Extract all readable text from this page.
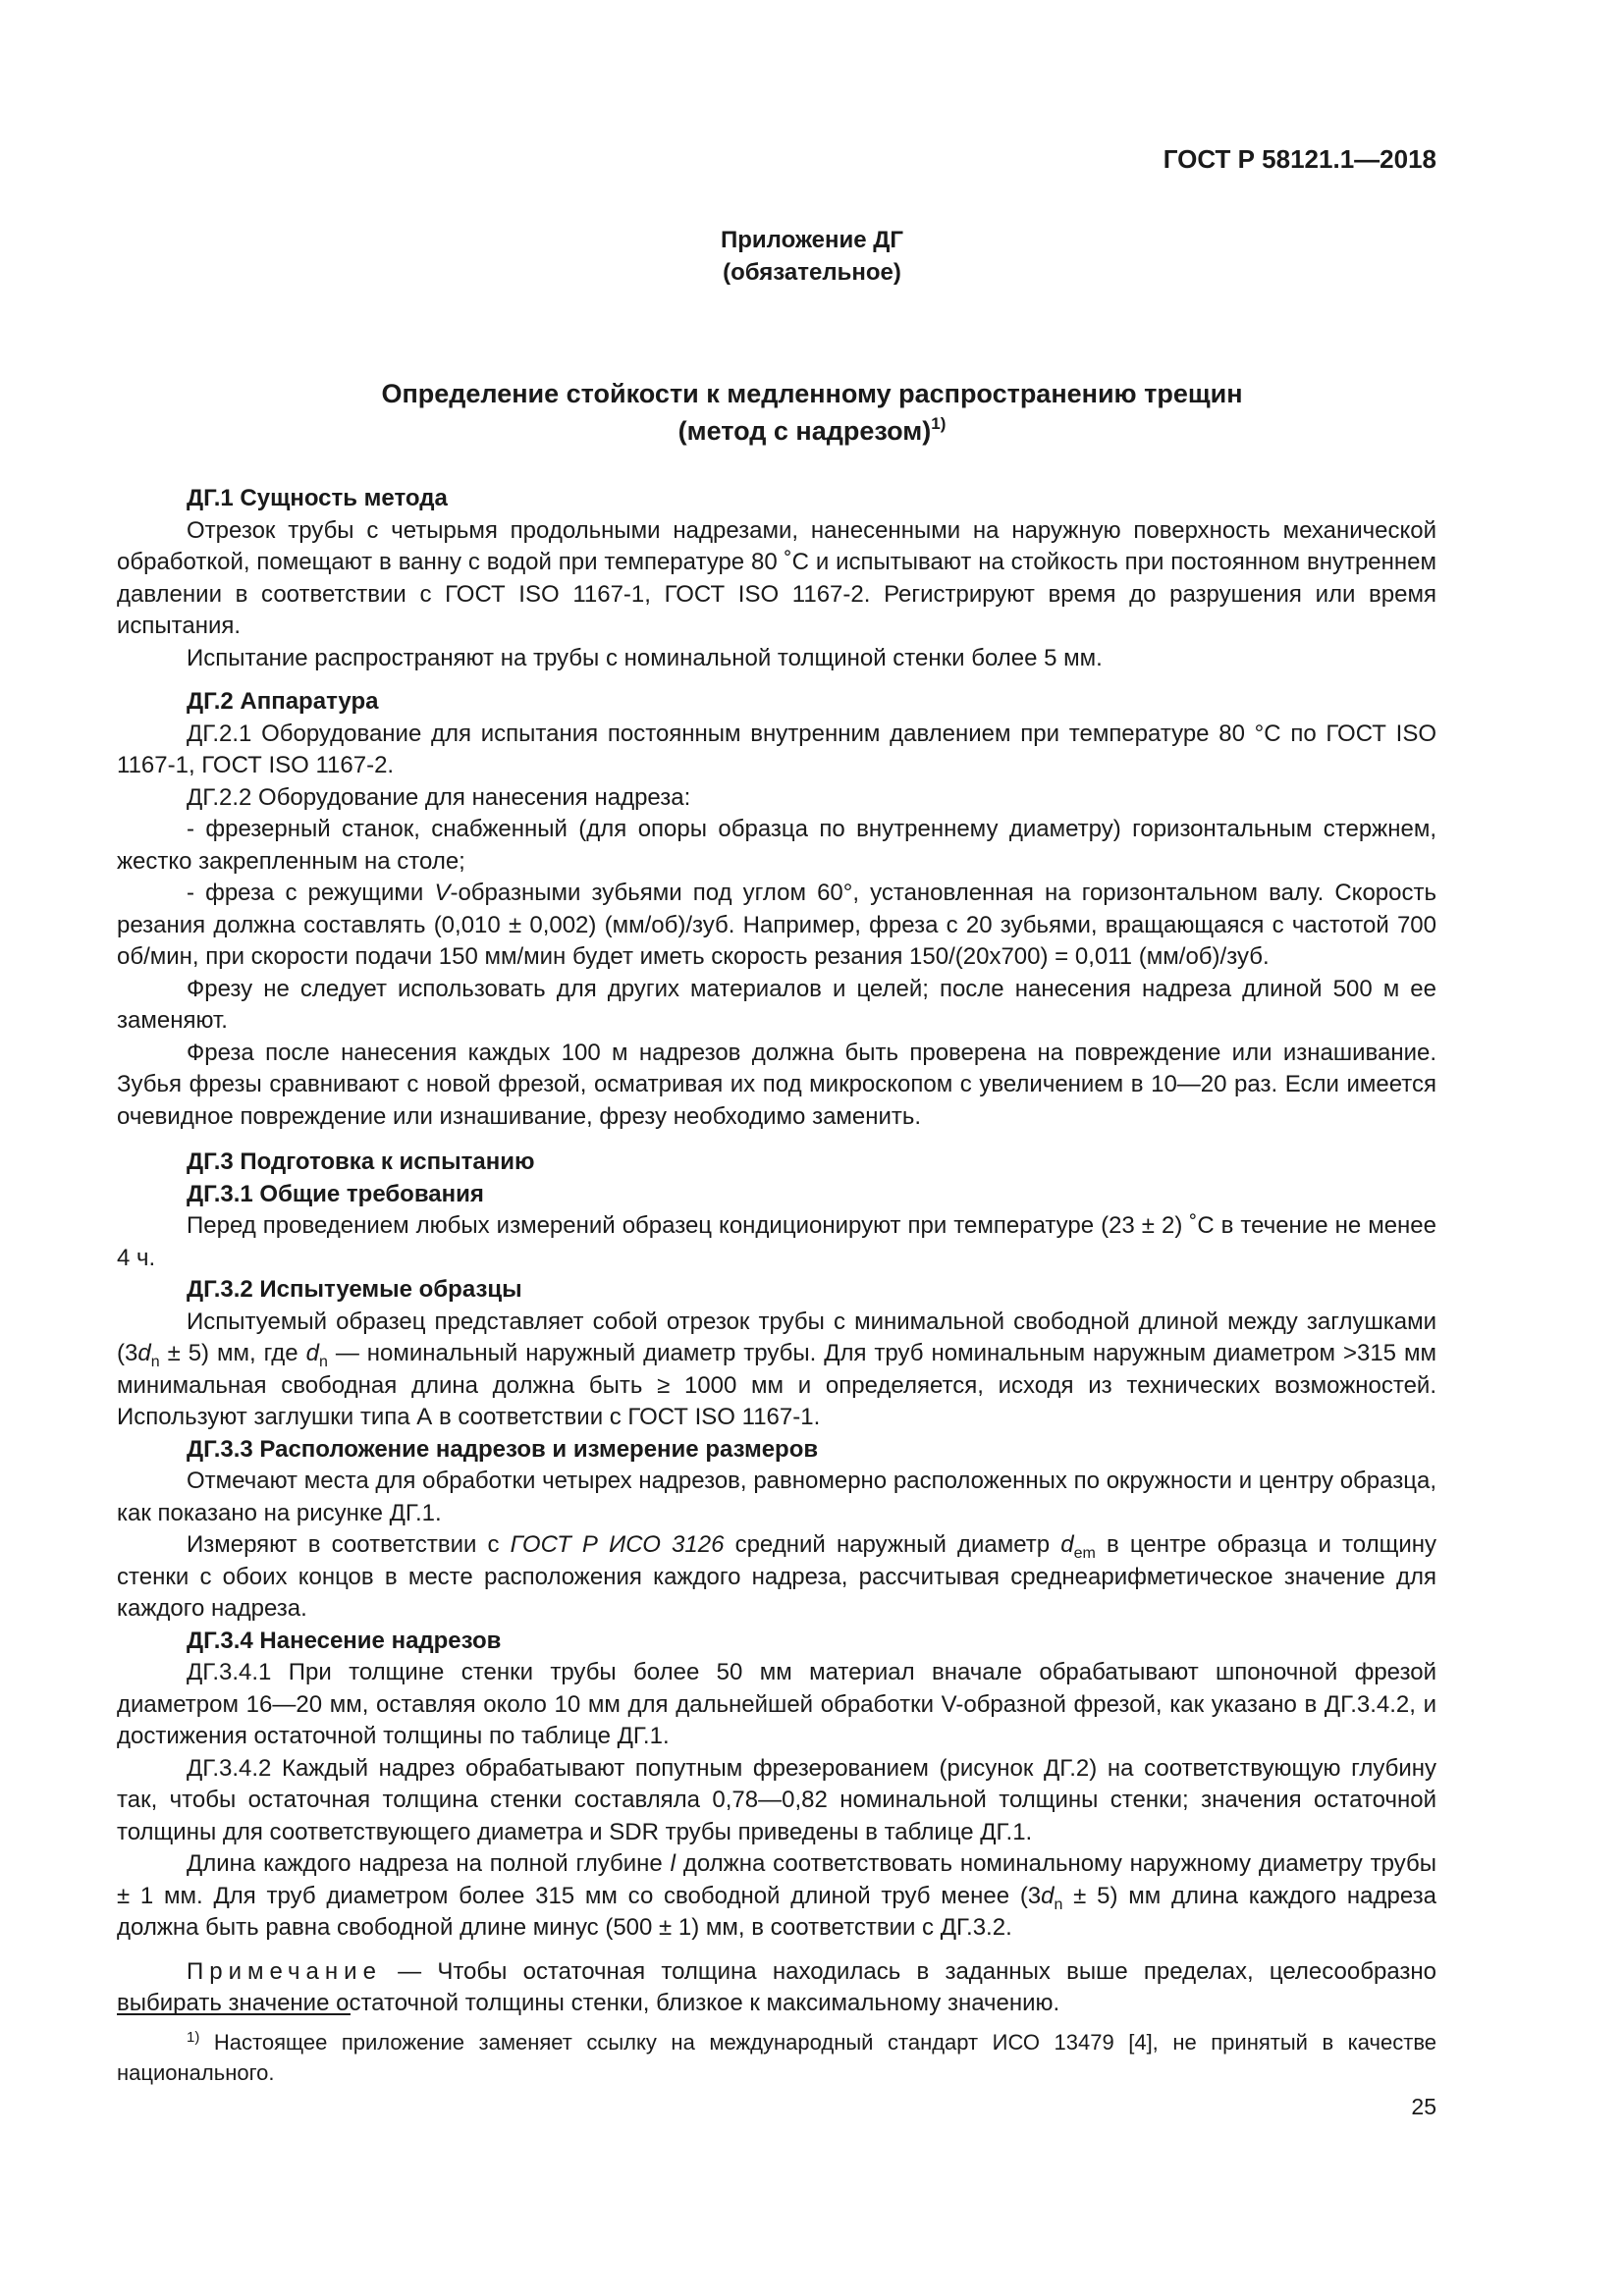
ГОСТ Р 58121.1—2018
Приложение ДГ
(обязательное)
Определение стойкости к медленному распространению трещин
(метод с надрезом)$^{1)}$
ДГ.1 Сущность метода
Отрезок трубы с четырьмя продольными надрезами, нанесенными на наружную поверхность механической обработкой, помещают в ванну с водой при температуре 80 ˚С и испытывают на стойкость при постоянном внутреннем давлении в соответствии с ГОСТ ISO 1167-1, ГОСТ ISO 1167-2. Регистрируют время до разрушения или время испытания.
Испытание распространяют на трубы с номинальной толщиной стенки более 5 мм.
ДГ.2 Аппаратура
ДГ.2.1 Оборудование для испытания постоянным внутренним давлением при температуре 80 °С по ГОСТ ISO 1167-1, ГОСТ ISO 1167-2.
ДГ.2.2 Оборудование для нанесения надреза:
- фрезерный станок, снабженный (для опоры образца по внутреннему диаметру) горизонтальным стержнем, жестко закрепленным на столе;
- фреза с режущими V-образными зубьями под углом 60°, установленная на горизонтальном валу. Скорость резания должна составлять (0,010 ± 0,002) (мм/об)/зуб. Например, фреза с 20 зубьями, вращающаяся с частотой 700 об/мин, при скорости подачи 150 мм/мин будет иметь скорость резания 150/(20x700) = 0,011 (мм/об)/зуб.
Фрезу не следует использовать для других материалов и целей; после нанесения надреза длиной 500 м ее заменяют.
Фреза после нанесения каждых 100 м надрезов должна быть проверена на повреждение или изнашивание. Зубья фрезы сравнивают с новой фрезой, осматривая их под микроскопом с увеличением в 10—20 раз. Если имеется очевидное повреждение или изнашивание, фрезу необходимо заменить.
ДГ.3 Подготовка к испытанию
ДГ.3.1 Общие требования
Перед проведением любых измерений образец кондиционируют при температуре (23 ± 2) ˚С в течение не менее 4 ч.
ДГ.3.2 Испытуемые образцы
Испытуемый образец представляет собой отрезок трубы с минимальной свободной длиной между заглушками $(3d_n \pm 5)$ мм, где $d_n$ — номинальный наружный диаметр трубы. Для труб номинальным наружным диаметром >315 мм минимальная свободная длина должна быть ≥ 1000 мм и определяется, исходя из технических возможностей. Используют заглушки типа А в соответствии с ГОСТ ISO 1167-1.
ДГ.3.3 Расположение надрезов и измерение размеров
Отмечают места для обработки четырех надрезов, равномерно расположенных по окружности и центру образца, как показано на рисунке ДГ.1.
Измеряют в соответствии с ГОСТ Р ИСО 3126 средний наружный диаметр $d_{em}$ в центре образца и толщину стенки с обоих концов в месте расположения каждого надреза, рассчитывая среднеарифметическое значение для каждого надреза.
ДГ.3.4 Нанесение надрезов
ДГ.3.4.1 При толщине стенки трубы более 50 мм материал вначале обрабатывают шпоночной фрезой диаметром 16—20 мм, оставляя около 10 мм для дальнейшей обработки V-образной фрезой, как указано в ДГ.3.4.2, и достижения остаточной толщины по таблице ДГ.1.
ДГ.3.4.2 Каждый надрез обрабатывают попутным фрезерованием (рисунок ДГ.2) на соответствующую глубину так, чтобы остаточная толщина стенки составляла 0,78—0,82 номинальной толщины стенки; значения остаточной толщины для соответствующего диаметра и SDR трубы приведены в таблице ДГ.1.
Длина каждого надреза на полной глубине l должна соответствовать номинальному наружному диаметру трубы ± 1 мм. Для труб диаметром более 315 мм со свободной длиной труб менее $(3d_n \pm 5)$ мм длина каждого надреза должна быть равна свободной длине минус (500 ± 1) мм, в соответствии с ДГ.3.2.
Примечание — Чтобы остаточная толщина находилась в заданных выше пределах, целесообразно выбирать значение остаточной толщины стенки, близкое к максимальному значению.
$^{1)}$ Настоящее приложение заменяет ссылку на международный стандарт ИСО 13479 [4], не принятый в качестве национального.
25
